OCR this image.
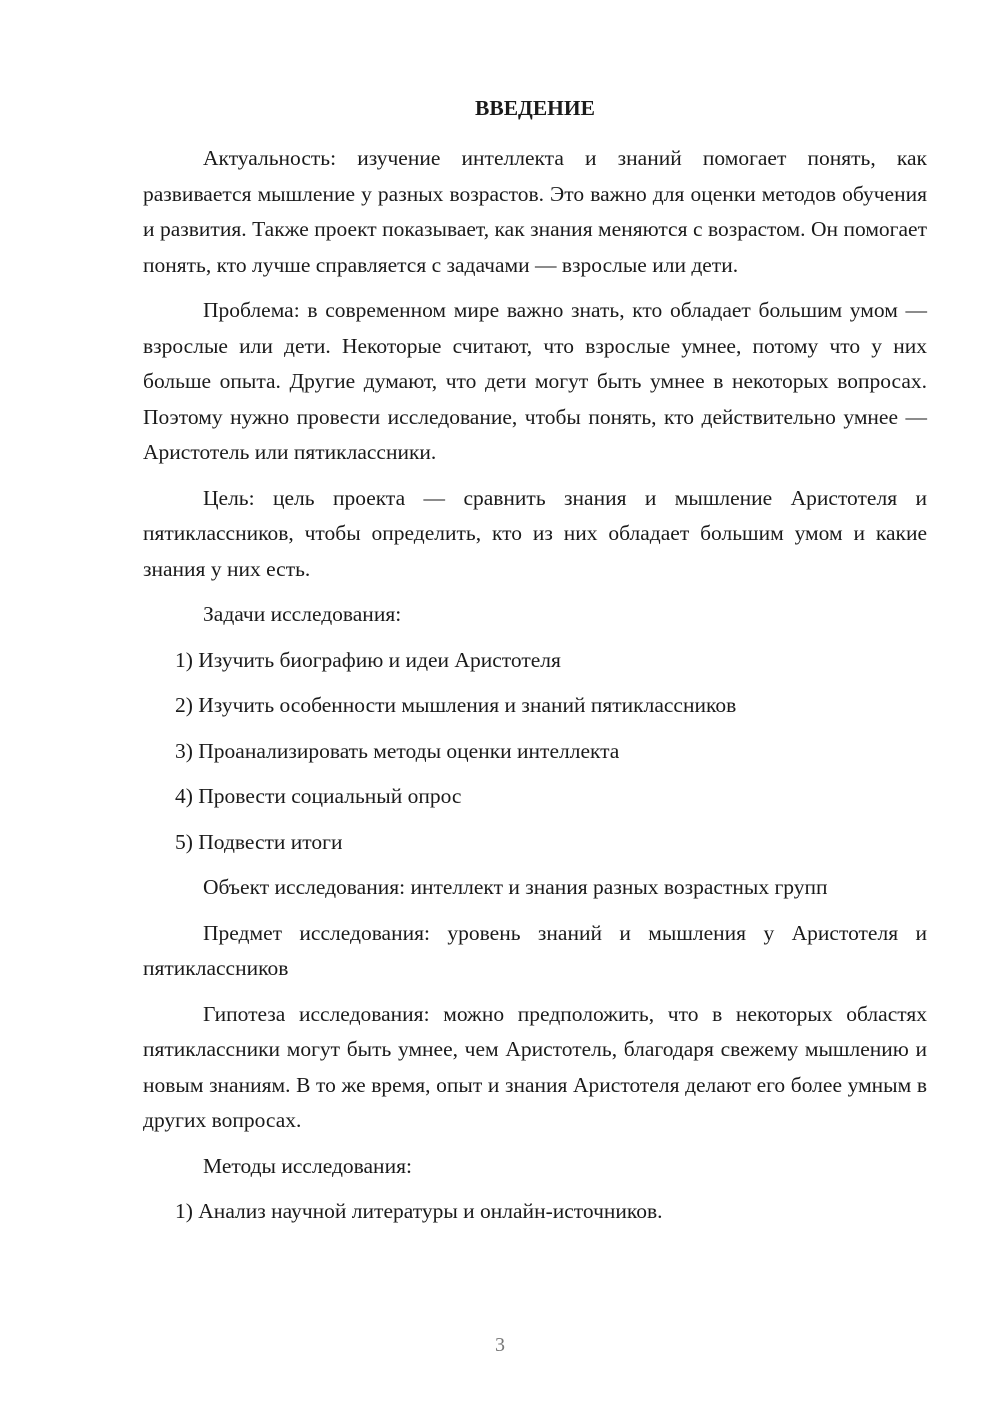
ВВЕДЕНИЕ

Актуальность: изучение интеллекта и знаний помогает понять, как развивается мышление у разных возрастов. Это важно для оценки методов обучения и развития. Также проект показывает, как знания меняются с возрастом. Он помогает понять, кто лучше справляется с задачами — взрослые или дети.

Проблема: в современном мире важно знать, кто обладает большим умом — взрослые или дети. Некоторые считают, что взрослые умнее, потому что у них больше опыта. Другие думают, что дети могут быть умнее в некоторых вопросах. Поэтому нужно провести исследование, чтобы понять, кто действительно умнее — Аристотель или пятиклассники.

Цель: цель проекта — сравнить знания и мышление Аристотеля и пятиклассников, чтобы определить, кто из них обладает большим умом и какие знания у них есть.

Задачи исследования:

1) Изучить биографию и идеи Аристотеля
2) Изучить особенности мышления и знаний пятиклассников
3) Проанализировать методы оценки интеллекта
4) Провести социальный опрос
5) Подвести итоги

Объект исследования: интеллект и знания разных возрастных групп

Предмет исследования: уровень знаний и мышления у Аристотеля и пятиклассников

Гипотеза исследования: можно предположить, что в некоторых областях пятиклассники могут быть умнее, чем Аристотель, благодаря свежему мышлению и новым знаниям. В то же время, опыт и знания Аристотеля делают его более умным в других вопросах.

Методы исследования:

1) Анализ научной литературы и онлайн-источников.
3
